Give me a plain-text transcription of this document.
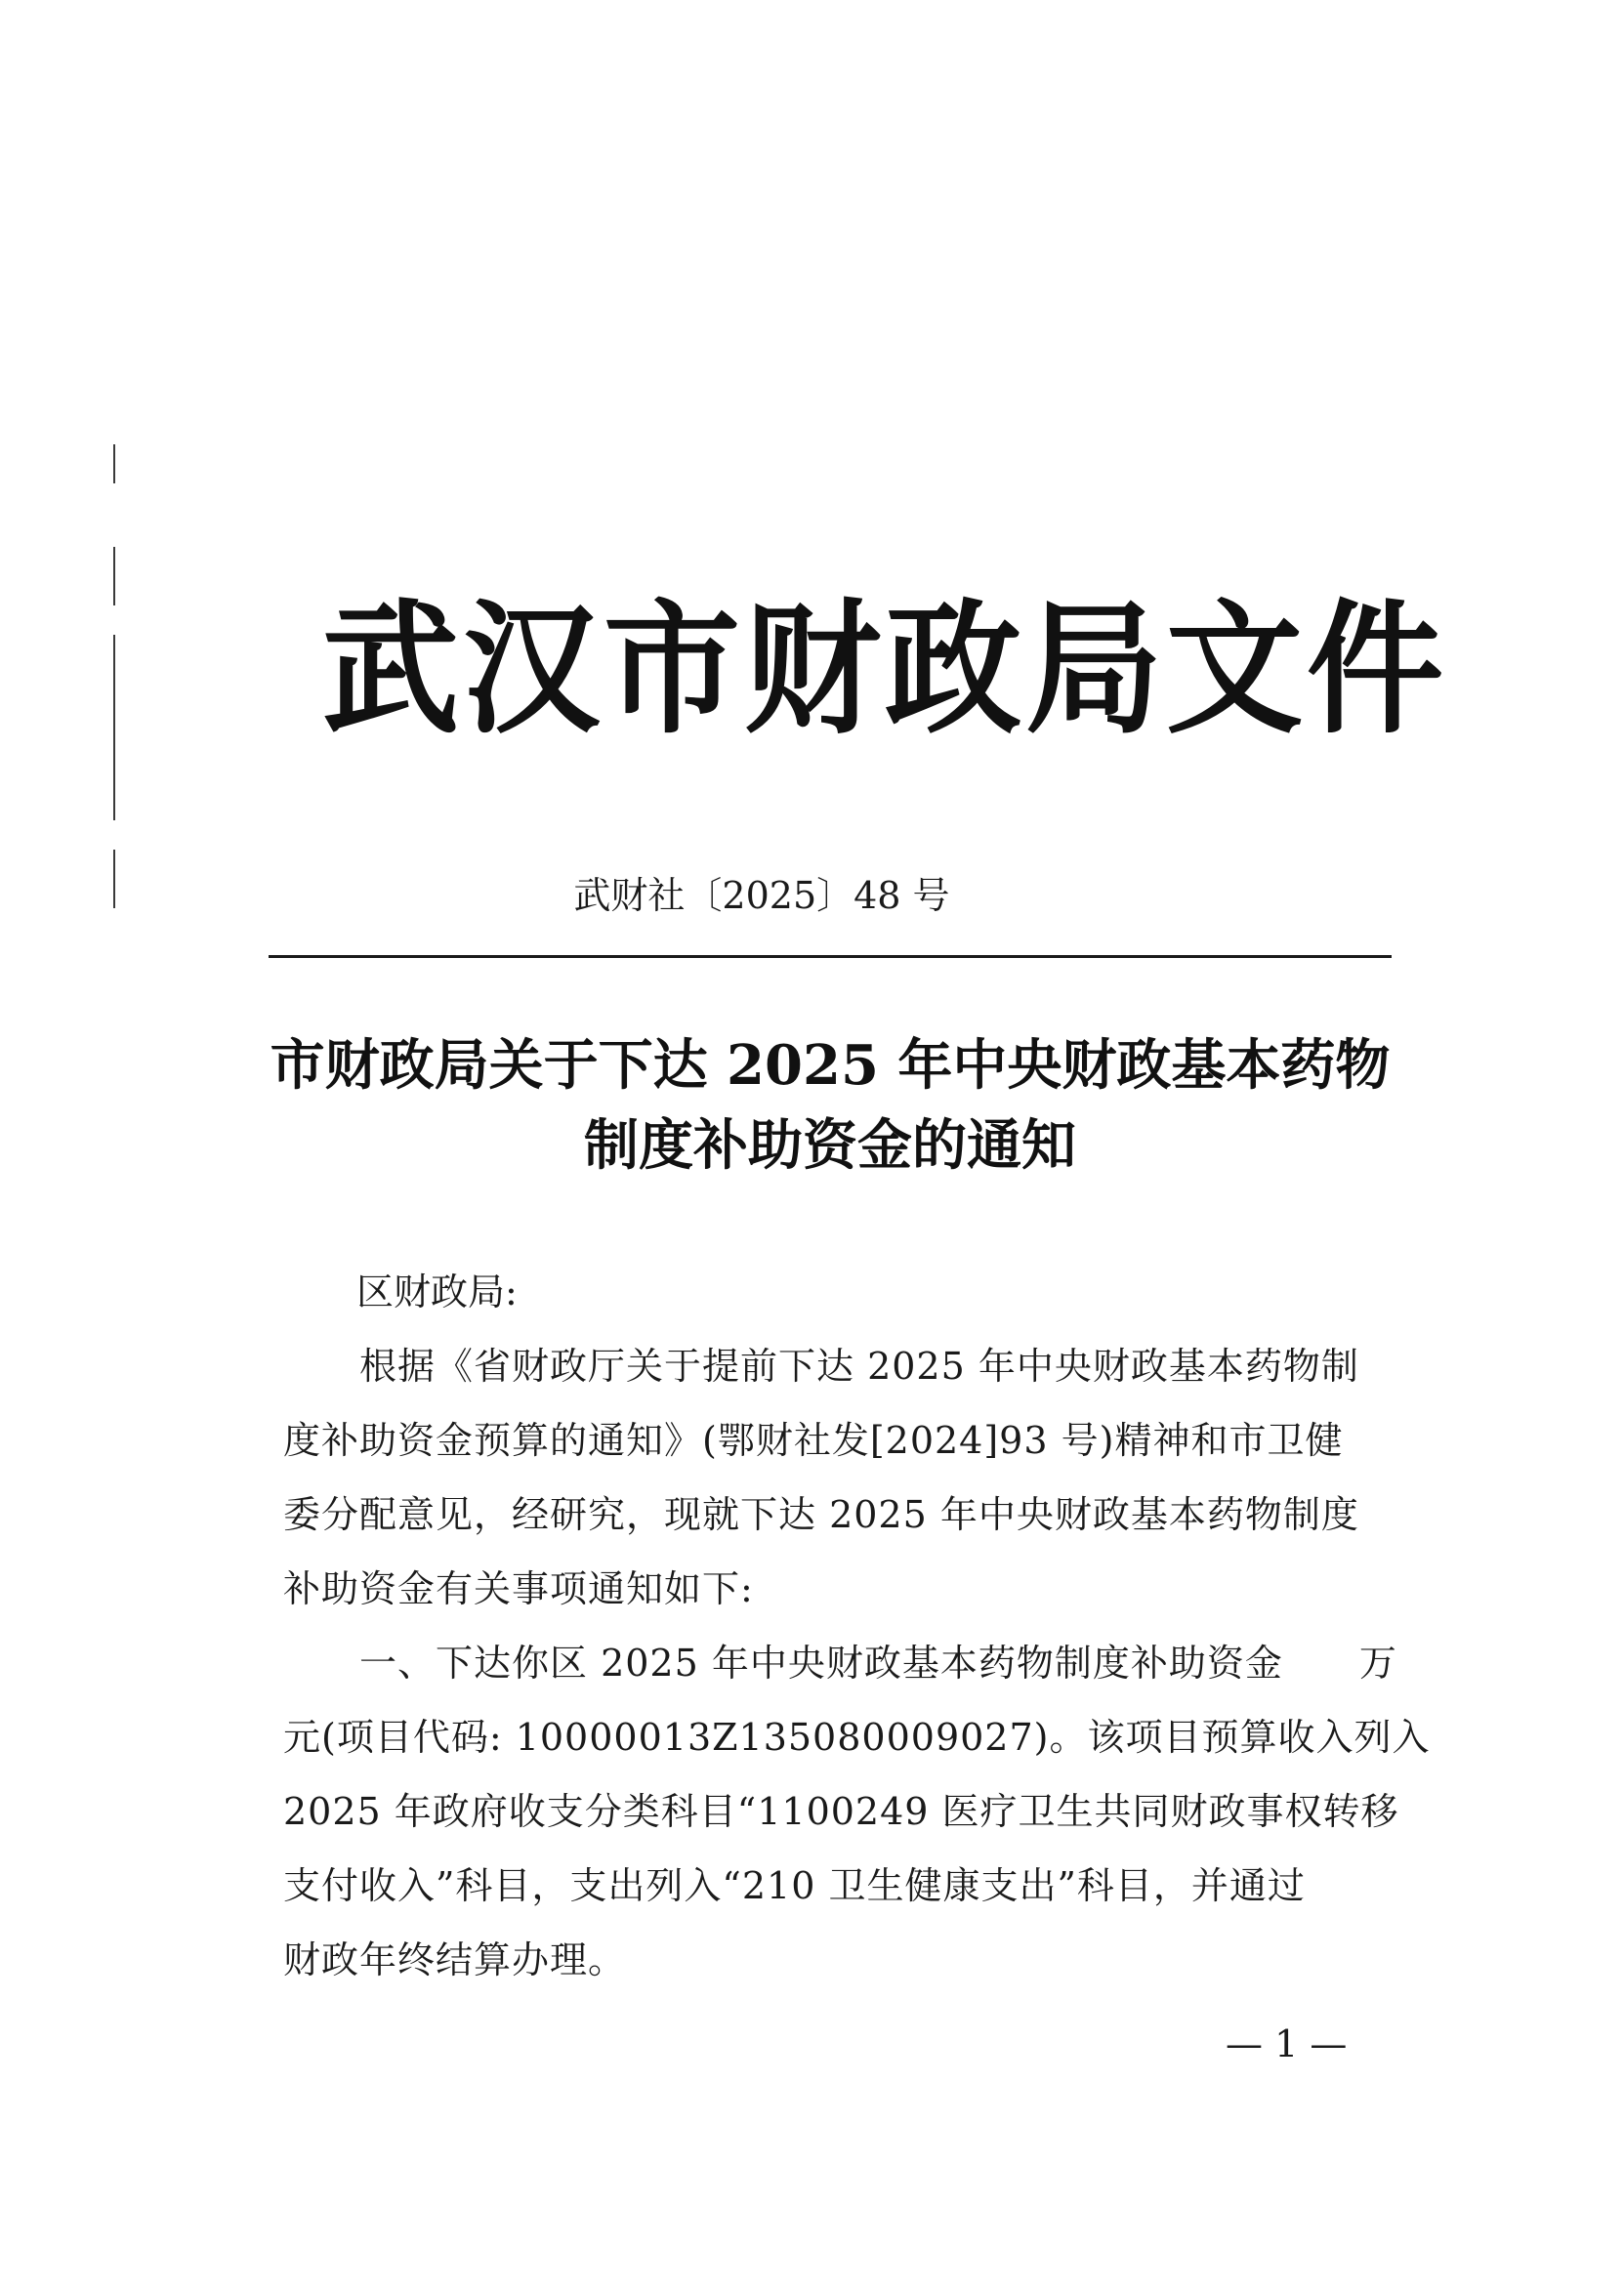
武汉市财政局文件
武财社〔2025〕48 号
市财政局关于下达 2025 年中央财政基本药物
制度补助资金的通知
区财政局:
　　根据《省财政厅关于提前下达 2025 年中央财政基本药物制
度补助资金预算的通知》(鄂财社发[2024]93 号)精神和市卫健
委分配意见，经研究，现就下达 2025 年中央财政基本药物制度
补助资金有关事项通知如下:
　　一、下达你区 2025 年中央财政基本药物制度补助资金　　万
元(项目代码: 10000013Z135080009027)。该项目预算收入列入
2025 年政府收支分类科目“1100249 医疗卫生共同财政事权转移
支付收入”科目，支出列入“210 卫生健康支出”科目，并通过
财政年终结算办理。
— 1 —
